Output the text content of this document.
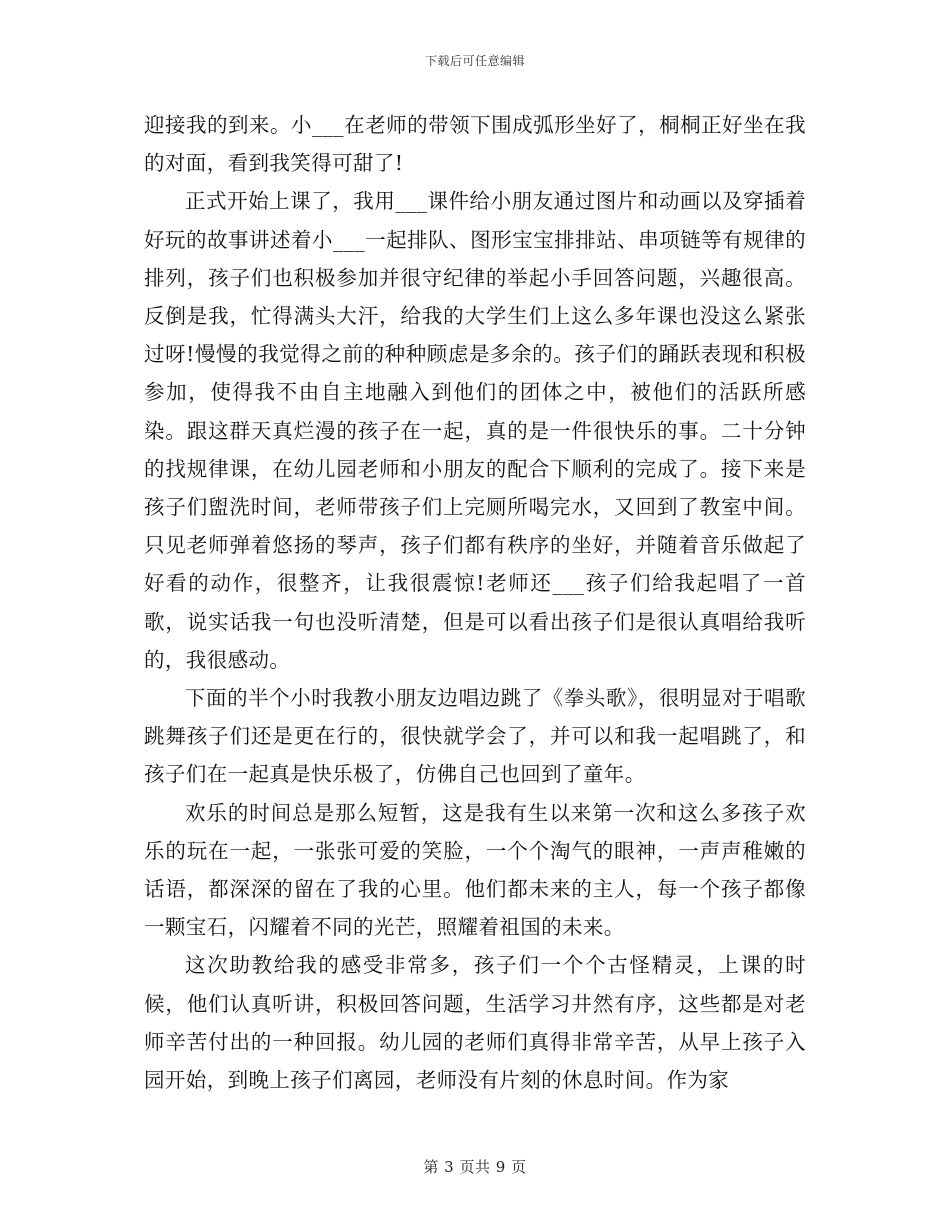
下载后可任意编辑

迎接我的到来。小___在老师的带领下围成弧形坐好了，桐桐正好坐在我的对面，看到我笑得可甜了!

正式开始上课了，我用___课件给小朋友通过图片和动画以及穿插着好玩的故事讲述着小___一起排队、图形宝宝排排站、串项链等有规律的排列，孩子们也积极参加并很守纪律的举起小手回答问题，兴趣很高。反倒是我，忙得满头大汗，给我的大学生们上这么多年课也没这么紧张过呀!慢慢的我觉得之前的种种顾虑是多余的。孩子们的踊跃表现和积极参加，使得我不由自主地融入到他们的团体之中，被他们的活跃所感染。跟这群天真烂漫的孩子在一起，真的是一件很快乐的事。二十分钟的找规律课，在幼儿园老师和小朋友的配合下顺利的完成了。接下来是孩子们盥洗时间，老师带孩子们上完厕所喝完水，又回到了教室中间。只见老师弹着悠扬的琴声，孩子们都有秩序的坐好，并随着音乐做起了好看的动作，很整齐，让我很震惊!老师还___孩子们给我起唱了一首歌，说实话我一句也没听清楚，但是可以看出孩子们是很认真唱给我听的，我很感动。

下面的半个小时我教小朋友边唱边跳了《拳头歌》，很明显对于唱歌跳舞孩子们还是更在行的，很快就学会了，并可以和我一起唱跳了，和孩子们在一起真是快乐极了，仿佛自己也回到了童年。

欢乐的时间总是那么短暂，这是我有生以来第一次和这么多孩子欢乐的玩在一起，一张张可爱的笑脸，一个个淘气的眼神，一声声稚嫩的话语，都深深的留在了我的心里。他们都未来的主人，每一个孩子都像一颗宝石，闪耀着不同的光芒，照耀着祖国的未来。

这次助教给我的感受非常多，孩子们一个个古怪精灵，上课的时候，他们认真听讲，积极回答问题，生活学习井然有序，这些都是对老师辛苦付出的一种回报。幼儿园的老师们真得非常辛苦，从早上孩子入园开始，到晚上孩子们离园，老师没有片刻的休息时间。作为家

第 3 页共 9 页
